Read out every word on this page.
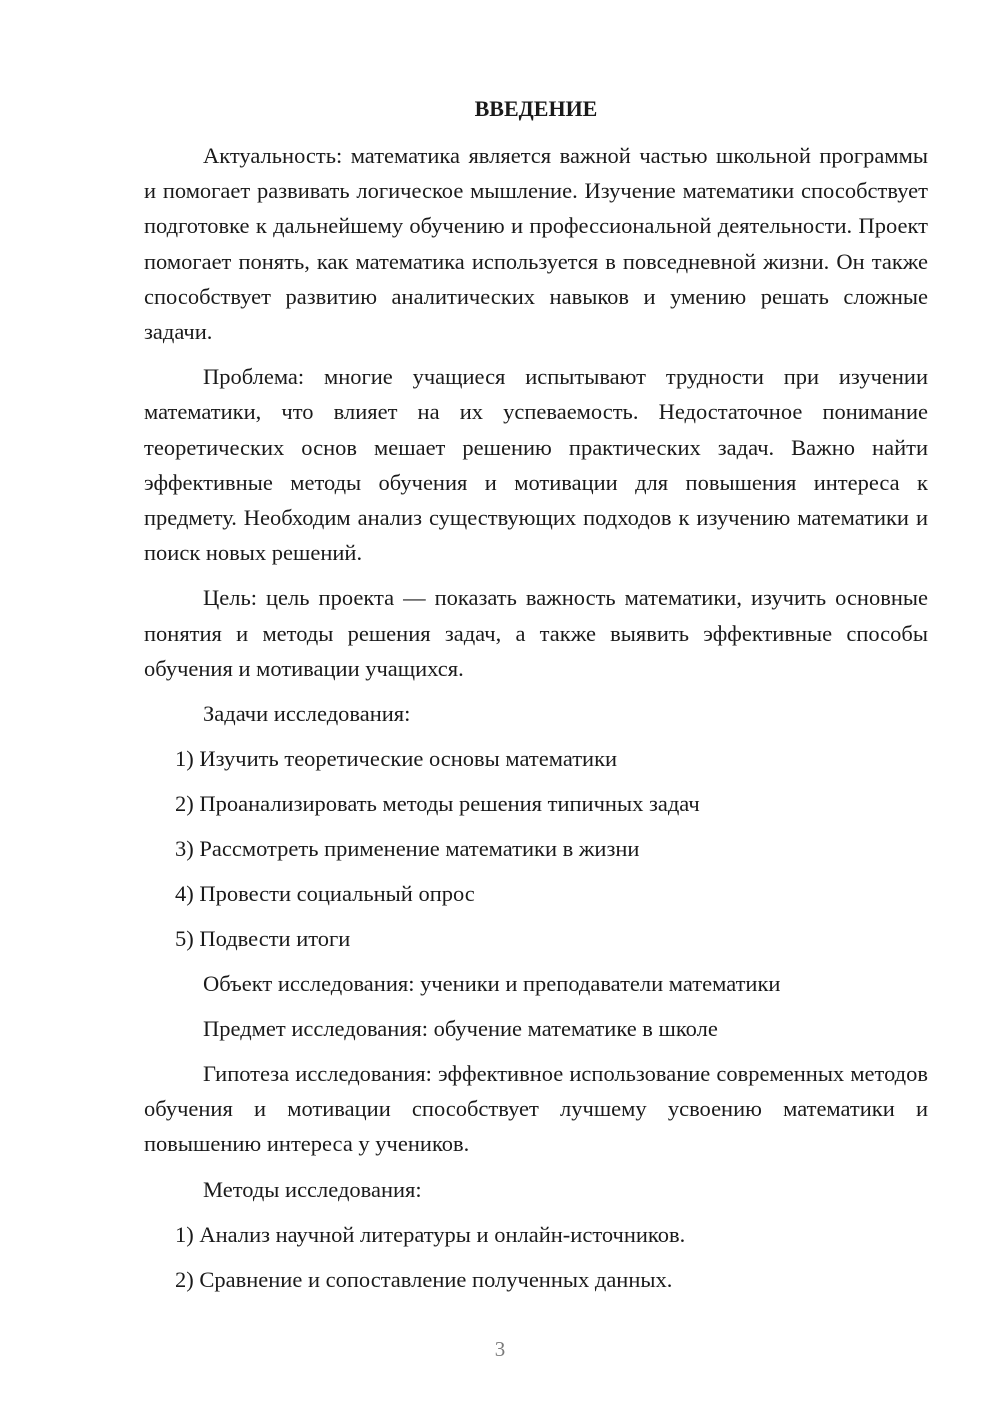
ВВЕДЕНИЕ

Актуальность: математика является важной частью школьной программы и помогает развивать логическое мышление. Изучение математики способствует подготовке к дальнейшему обучению и профессиональной деятельности. Проект помогает понять, как математика используется в повседневной жизни. Он также способствует развитию аналитических навыков и умению решать сложные задачи.

Проблема: многие учащиеся испытывают трудности при изучении математики, что влияет на их успеваемость. Недостаточное понимание теоретических основ мешает решению практических задач. Важно найти эффективные методы обучения и мотивации для повышения интереса к предмету. Необходим анализ существующих подходов к изучению математики и поиск новых решений.

Цель: цель проекта — показать важность математики, изучить основные понятия и методы решения задач, а также выявить эффективные способы обучения и мотивации учащихся.

Задачи исследования:
1) Изучить теоретические основы математики
2) Проанализировать методы решения типичных задач
3) Рассмотреть применение математики в жизни
4) Провести социальный опрос
5) Подвести итоги
Объект исследования: ученики и преподаватели математики
Предмет исследования: обучение математике в школе

Гипотеза исследования: эффективное использование современных методов обучения и мотивации способствует лучшему усвоению математики и повышению интереса у учеников.

Методы исследования:
1) Анализ научной литературы и онлайн-источников.
2) Сравнение и сопоставление полученных данных.
3
